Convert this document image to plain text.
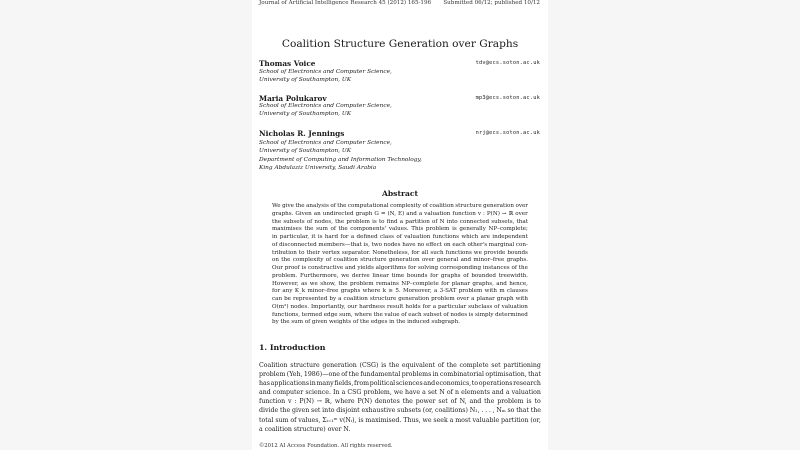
Journal of Artificial Intelligence Research 45 (2012) 165-196 Submitted 06/12; published 10/12
Coalition Structure Generation over Graphs
Thomas Voice	tdv@ecs.soton.ac.uk
School of Electronics and Computer Science,
University of Southampton, UK
Maria Polukarov	mp3@ecs.soton.ac.uk
School of Electronics and Computer Science,
University of Southampton, UK
Nicholas R. Jennings	nrj@ecs.soton.ac.uk
School of Electronics and Computer Science,
University of Southampton, UK
Department of Computing and Information Technology,
King Abdulaziz University, Saudi Arabia
Abstract
We give the analysis of the computational complexity of coalition structure generation over
graphs. Given an undirected graph G = (N, E) and a valuation function v : P(N) → ℝ over
the subsets of nodes, the problem is to find a partition of N into connected subsets, that
maximises the sum of the components' values. This problem is generally NP–complete;
in particular, it is hard for a defined class of valuation functions which are independent
of disconnected members—that is, two nodes have no effect on each other's marginal con-
tribution to their vertex separator. Nonetheless, for all such functions we provide bounds
on the complexity of coalition structure generation over general and minor–free graphs.
Our proof is constructive and yields algorithms for solving corresponding instances of the
problem. Furthermore, we derive linear time bounds for graphs of bounded treewidth.
However, as we show, the problem remains NP–complete for planar graphs, and hence,
for any K_k minor–free graphs where k ≥ 5. Moreover, a 3-SAT problem with m clauses
can be represented by a coalition structure generation problem over a planar graph with
O(m²) nodes. Importantly, our hardness result holds for a particular subclass of valuation
functions, termed edge sum, where the value of each subset of nodes is simply determined
by the sum of given weights of the edges in the induced subgraph.
1. Introduction
Coalition structure generation (CSG) is the equivalent of the complete set partitioning
problem (Yeh, 1986)—one of the fundamental problems in combinatorial optimisation, that
has applications in many fields, from political sciences and economics, to operations research
and computer science. In a CSG problem, we have a set N of n elements and a valuation
function v : P(N) → ℝ, where P(N) denotes the power set of N, and the problem is to
divide the given set into disjoint exhaustive subsets (or, coalitions) N₁, . . . , Nₘ so that the
total sum of values, Σᵢ₌₁ᵐ v(Nᵢ), is maximised. Thus, we seek a most valuable partition (or,
a coalition structure) over N.
©2012 AI Access Foundation. All rights reserved.
